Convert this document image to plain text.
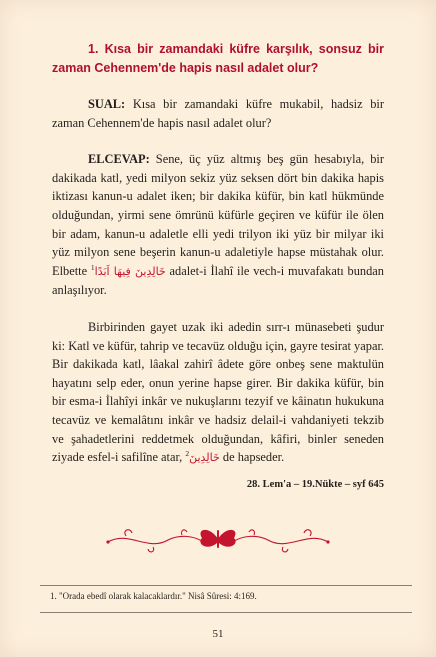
1. Kısa bir zamandaki küfre karşılık, sonsuz bir zaman Cehennem'de hapis nasıl adalet olur?

SUAL: Kısa bir zamandaki küfre mukabil, hadsiz bir zaman Cehennem'de hapis nasıl adalet olur?

ELCEVAP: Sene, üç yüz altmış beş gün hesabıyla, bir dakikada katl, yedi milyon sekiz yüz seksen dört bin dakika hapis iktizası kanun-u adalet iken; bir dakika küfür, bin katl hükmünde olduğundan, yirmi sene ömrünü küfürle geçiren ve küfür ile ölen bir adam, kanun-u adaletle elli yedi trilyon iki yüz bir milyar iki yüz milyon sene beşerin kanun-u adaletiyle hapse müstahak olur. Elbette $^1$خَالِدِينَ فِيهَا اَبَدًا adalet-i İlahî ile vech-i muvafakatı bundan anlaşılıyor.

Birbirinden gayet uzak iki adedin sırr-ı münasebeti şudur ki: Katl ve küfür, tahrip ve tecavüz olduğu için, gayre tesirat yapar. Bir dakikada katl, lâakal zahirî âdete göre onbeş sene maktulün hayatını selp eder, onun yerine hapse girer. Bir dakika küfür, bin bir esma-i İlahîyi inkâr ve nukuşlarını tezyif ve kâinatın hukukuna tecavüz ve kemalâtını inkâr ve hadsiz delail-i vahdaniyeti tekzib ve şahadetlerini reddetmek olduğundan, kâfiri, binler seneden ziyade esfel-i safilîne atar, $^2$خَالِدِينَ de hapseder.

28. Lem'a – 19.Nükte – syf 645

1. "Orada ebedî olarak kalacaklardır." Nisâ Sûresi: 4:169.
51
